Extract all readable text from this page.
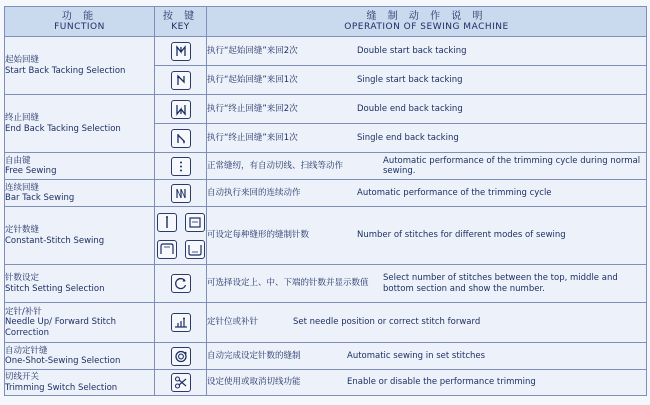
功 能
FUNCTION	按 键
KEY	缝 制 动 作 说 明
OPERATION OF SEWING MACHINE

起始回缝
Start Back Tacking Selection		执行“起始回缝”来回2次 Double start back tacking

执行“起始回缝”来回1次 Single start back tacking

终止回缝
End Back Tacking Selection		执行“终止回缝”来回2次 Double end back tacking

执行“终止回缝”来回1次 Single end back tacking

自由键
Free Sewing		正常缝纫，有自动切线、扫线等动作
Automatic performance of the trimming cycle during normal sewing.

连续回缝
Bar Tack Sewing		自动执行来回的连续动作 Automatic performance of the trimming cycle

定针数缝
Constant-Stitch Sewing		可设定每种缝形的缝制针数 Number of stitches for different modes of sewing

针数设定
Stitch Setting Selection		可选择设定上、中、下端的针数并显示数值
Select number of stitches between the top, middle and bottom section and show the number.

定针/补针
Needle Up/ Forward Stitch Correction		定针位或补针 Set needle position or correct stitch forward

自动定针缝
One-Shot-Sewing Selection		自动完成设定针数的缝制 Automatic sewing in set stitches

切线开关
Trimming Switch Selection		设定使用或取消切线功能 Enable or disable the performance trimming
